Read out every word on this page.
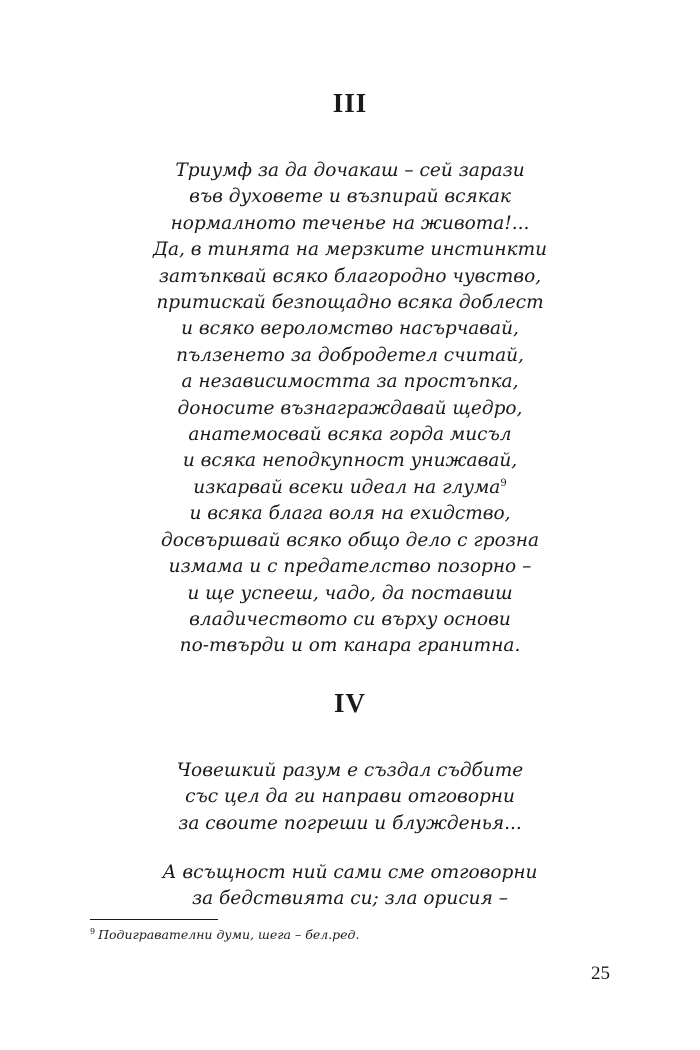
III
Триумф за да дочакаш – сей зарази
във духовете и възпирай всякак
нормалното теченье на живота!...
Да, в тинята на мерзките инстинкти
затъпквай всяко благородно чувство,
притискай безпощадно всяка доблест
и всяко вероломство насърчавай,
пълзенето за добродетел считай,
а независимостта за простъпка,
доносите възнаграждавай щедро,
анатемосвай всяка горда мисъл
и всяка неподкупност унижавай,
изкарвай всеки идеал на глума$^9$
и всяка блага воля на ехидство,
досвършвай всяко общо дело с грозна
измама и с предателство позорно –
и ще успееш, чадо, да поставиш
владичеството си върху основи
по-твърди и от канара гранитна.
IV
Човешкий разум е създал съдбите
със цел да ги направи отговорни
за своите погреши и блужденья...
А всъщност ний сами сме отговорни
за бедствията си; зла орисия –
$^9$ Подигравателни думи, шега – бел.ред.
25
